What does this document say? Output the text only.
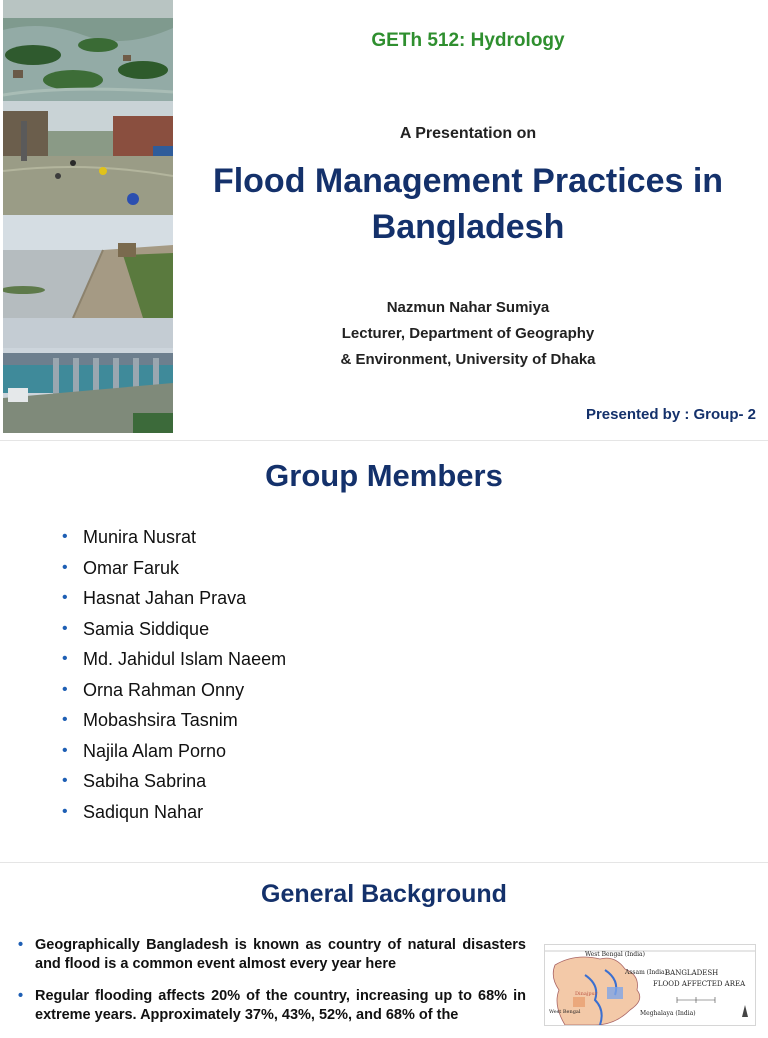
GETh 512: Hydrology
A Presentation on
Flood Management Practices in
Bangladesh
Nazmun Nahar Sumiya
Lecturer, Department of Geography
& Environment, University of Dhaka
Presented by : Group- 2
Group Members
• Munira Nusrat
• Omar Faruk
• Hasnat Jahan Prava
• Samia Siddique
• Md. Jahidul Islam Naeem
• Orna Rahman Onny
• Mobashsira Tasnim
• Najila Alam Porno
• Sabiha Sabrina
• Sadiqun Nahar
General Background
• Geographically Bangladesh is known as country of natural disasters and flood is a common event almost every year here
• Regular flooding affects 20% of the country, increasing up to 68% in extreme years. Approximately 37%, 43%, 52%, and 68% of the
West Bengal (India)
Assam (India)
BANGLADESH
FLOOD AFFECTED AREA
Meghalaya (India)
West Bengal
Dinajpur
